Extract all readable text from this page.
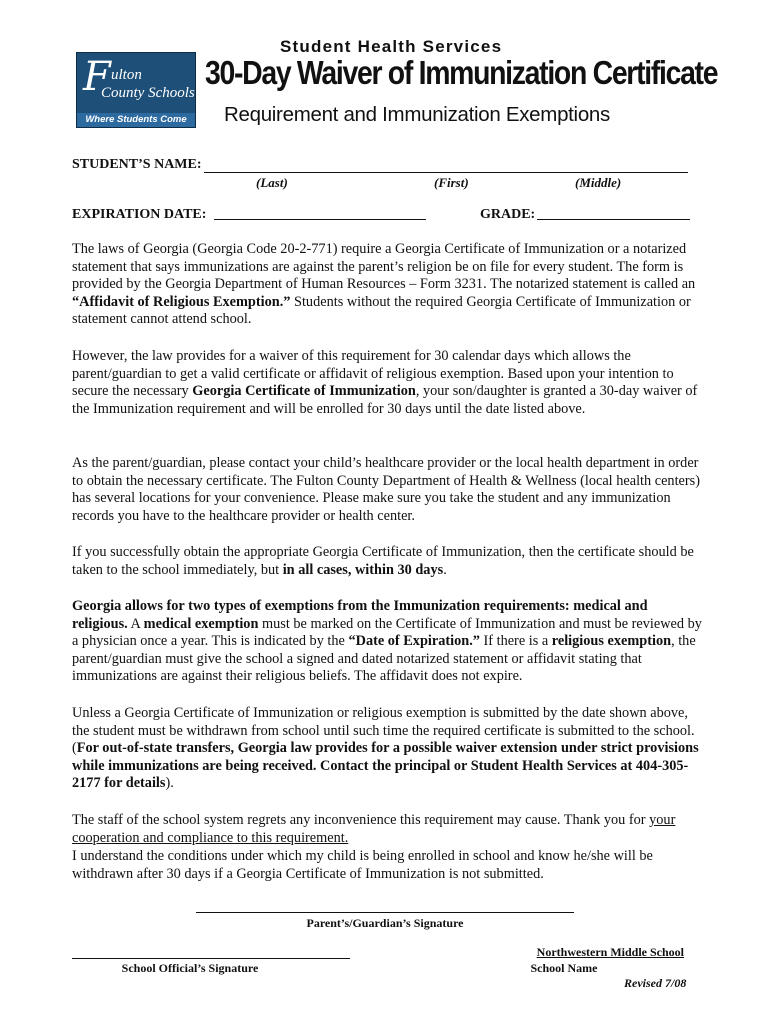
F ulton
County Schools
Where Students Come First
Student Health Services
30-Day Waiver of Immunization Certificate
Requirement and Immunization Exemptions
STUDENT’S NAME:
(Last)	(First)	(Middle)
EXPIRATION DATE:	GRADE:

The laws of Georgia (Georgia Code 20-2-771) require a Georgia Certificate of Immunization or a notarized statement that says immunizations are against the parent’s religion be on file for every student. The form is provided by the Georgia Department of Human Resources – Form 3231. The notarized statement is called an “Affidavit of Religious Exemption.” Students without the required Georgia Certificate of Immunization or statement cannot attend school.

However, the law provides for a waiver of this requirement for 30 calendar days which allows the parent/guardian to get a valid certificate or affidavit of religious exemption. Based upon your intention to secure the necessary Georgia Certificate of Immunization, your son/daughter is granted a 30-day waiver of the Immunization requirement and will be enrolled for 30 days until the date listed above.

As the parent/guardian, please contact your child’s healthcare provider or the local health department in order to obtain the necessary certificate. The Fulton County Department of Health & Wellness (local health centers) has several locations for your convenience. Please make sure you take the student and any immunization records you have to the healthcare provider or health center.

If you successfully obtain the appropriate Georgia Certificate of Immunization, then the certificate should be taken to the school immediately, but in all cases, within 30 days.

Georgia allows for two types of exemptions from the Immunization requirements: medical and religious. A medical exemption must be marked on the Certificate of Immunization and must be reviewed by a physician once a year. This is indicated by the “Date of Expiration.” If there is a religious exemption, the parent/guardian must give the school a signed and dated notarized statement or affidavit stating that immunizations are against their religious beliefs. The affidavit does not expire.

Unless a Georgia Certificate of Immunization or religious exemption is submitted by the date shown above, the student must be withdrawn from school until such time the required certificate is submitted to the school. (For out-of-state transfers, Georgia law provides for a possible waiver extension under strict provisions while immunizations are being received. Contact the principal or Student Health Services at 404-305-2177 for details).

The staff of the school system regrets any inconvenience this requirement may cause. Thank you for your cooperation and compliance to this requirement.

I understand the conditions under which my child is being enrolled in school and know he/she will be withdrawn after 30 days if a Georgia Certificate of Immunization is not submitted.

Parent’s/Guardian’s Signature
School Official’s Signature
Northwestern Middle School
School Name
Revised 7/08
